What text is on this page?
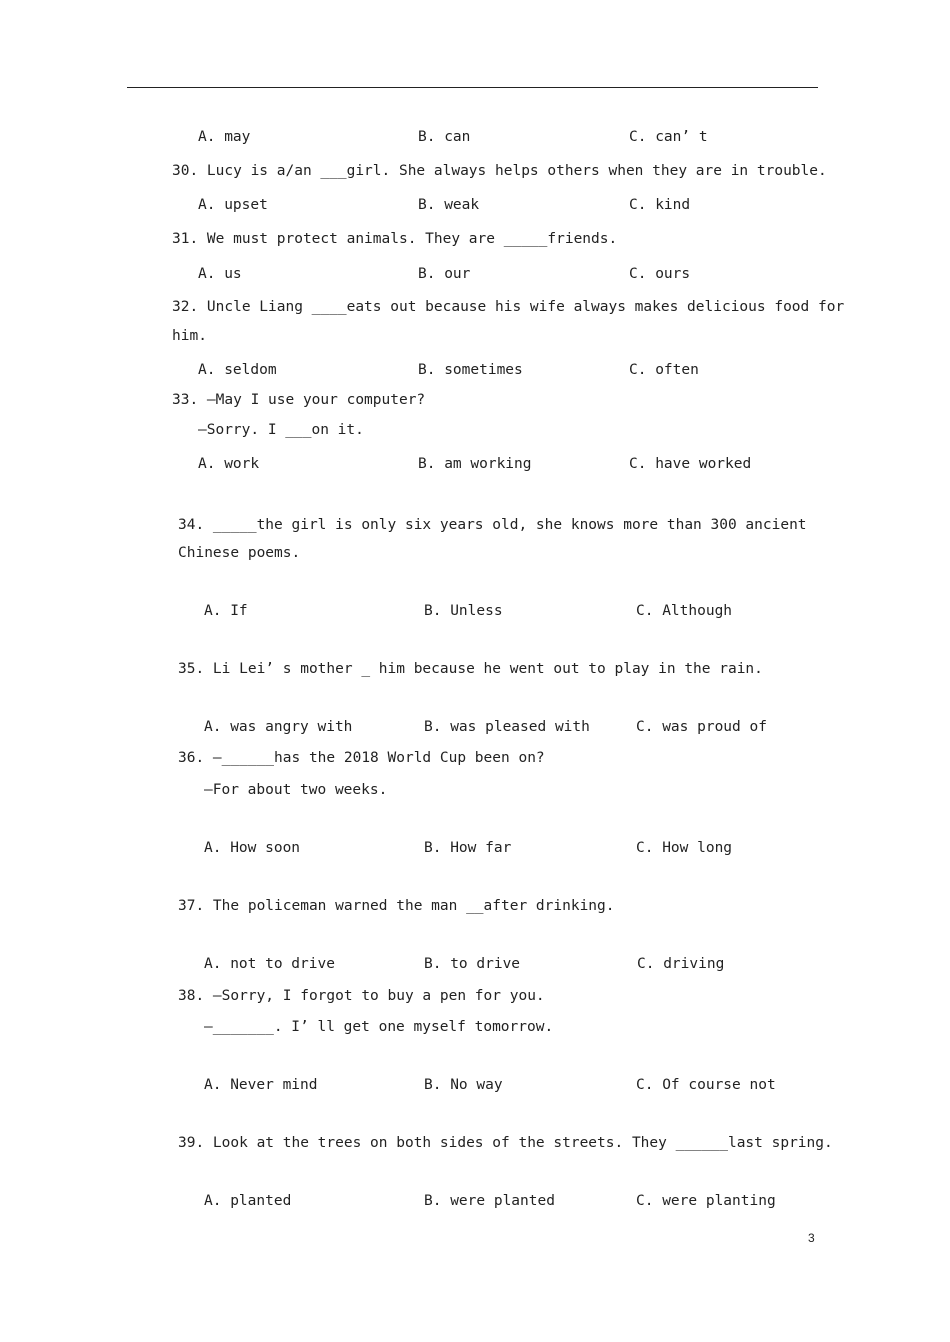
A. may	B. can	C. can’ t
30. Lucy is a/an ___girl. She always helps others when they are in trouble.
A. upset	B. weak	C. kind
31. We must protect animals. They are _____friends.
A. us	B. our	C. ours
32. Uncle Liang ____eats out because his wife always makes delicious food for
him.
A. seldom	B. sometimes	C. often
33. —May I use your computer?
—Sorry. I ___on it.
A. work	B. am working	C. have worked
34. _____the girl is only six years old, she knows more than 300 ancient
Chinese poems.
A. If	B. Unless	C. Although
35. Li Lei’ s mother _ him because he went out to play in the rain.
A. was angry with	B. was pleased with	C. was proud of
36. —______has the 2018 World Cup been on?
—For about two weeks.
A. How soon	B. How far	C. How long
37. The policeman warned the man __after drinking.
A. not to drive	B. to drive	C. driving
38. —Sorry, I forgot to buy a pen for you.
—_______. I’ ll get one myself tomorrow.
A. Never mind	B. No way	C. Of course not
39. Look at the trees on both sides of the streets. They ______last spring.
A. planted	B. were planted	C. were planting
3
